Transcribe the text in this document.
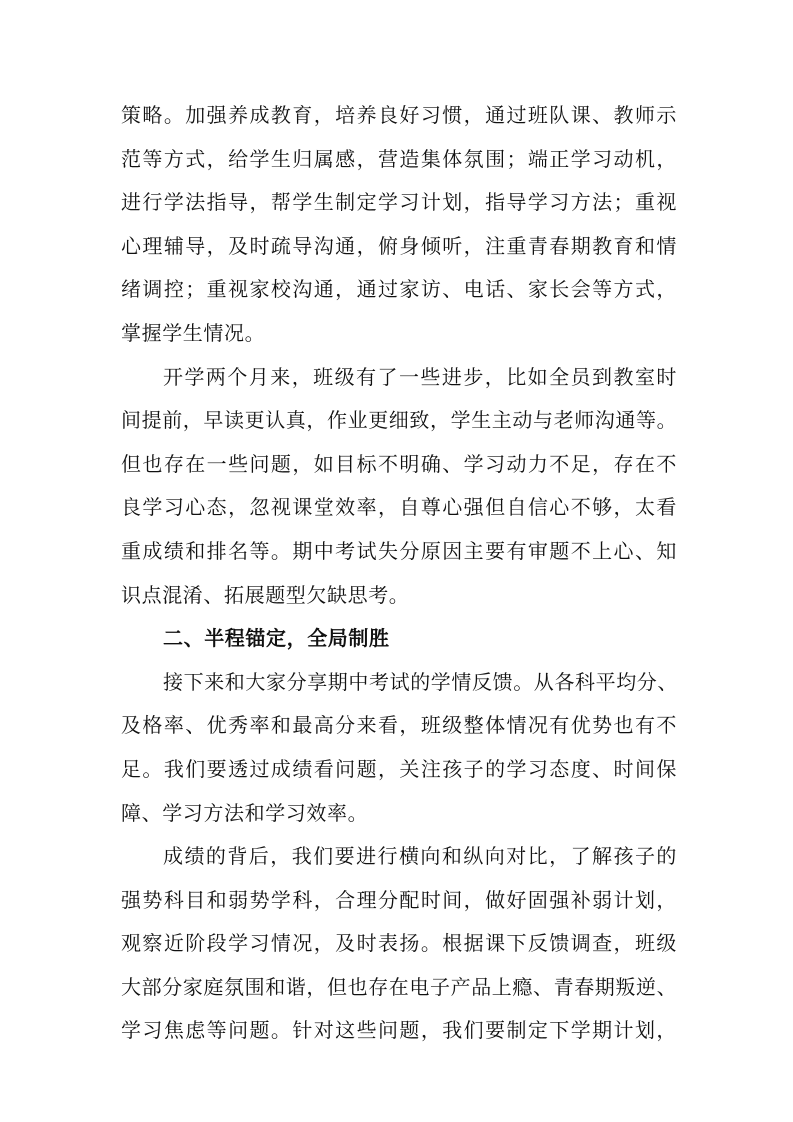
策略。加强养成教育，培养良好习惯，通过班队课、教师示
范等方式，给学生归属感，营造集体氛围；端正学习动机，
进行学法指导，帮学生制定学习计划，指导学习方法；重视
心理辅导，及时疏导沟通，俯身倾听，注重青春期教育和情
绪调控；重视家校沟通，通过家访、电话、家长会等方式，
掌握学生情况。
开学两个月来，班级有了一些进步，比如全员到教室时
间提前，早读更认真，作业更细致，学生主动与老师沟通等。
但也存在一些问题，如目标不明确、学习动力不足，存在不
良学习心态，忽视课堂效率，自尊心强但自信心不够，太看
重成绩和排名等。期中考试失分原因主要有审题不上心、知
识点混淆、拓展题型欠缺思考。
二、半程锚定，全局制胜
接下来和大家分享期中考试的学情反馈。从各科平均分、
及格率、优秀率和最高分来看，班级整体情况有优势也有不
足。我们要透过成绩看问题，关注孩子的学习态度、时间保
障、学习方法和学习效率。
成绩的背后，我们要进行横向和纵向对比，了解孩子的
强势科目和弱势学科，合理分配时间，做好固强补弱计划，
观察近阶段学习情况，及时表扬。根据课下反馈调查，班级
大部分家庭氛围和谐，但也存在电子产品上瘾、青春期叛逆、
学习焦虑等问题。针对这些问题，我们要制定下学期计划，
